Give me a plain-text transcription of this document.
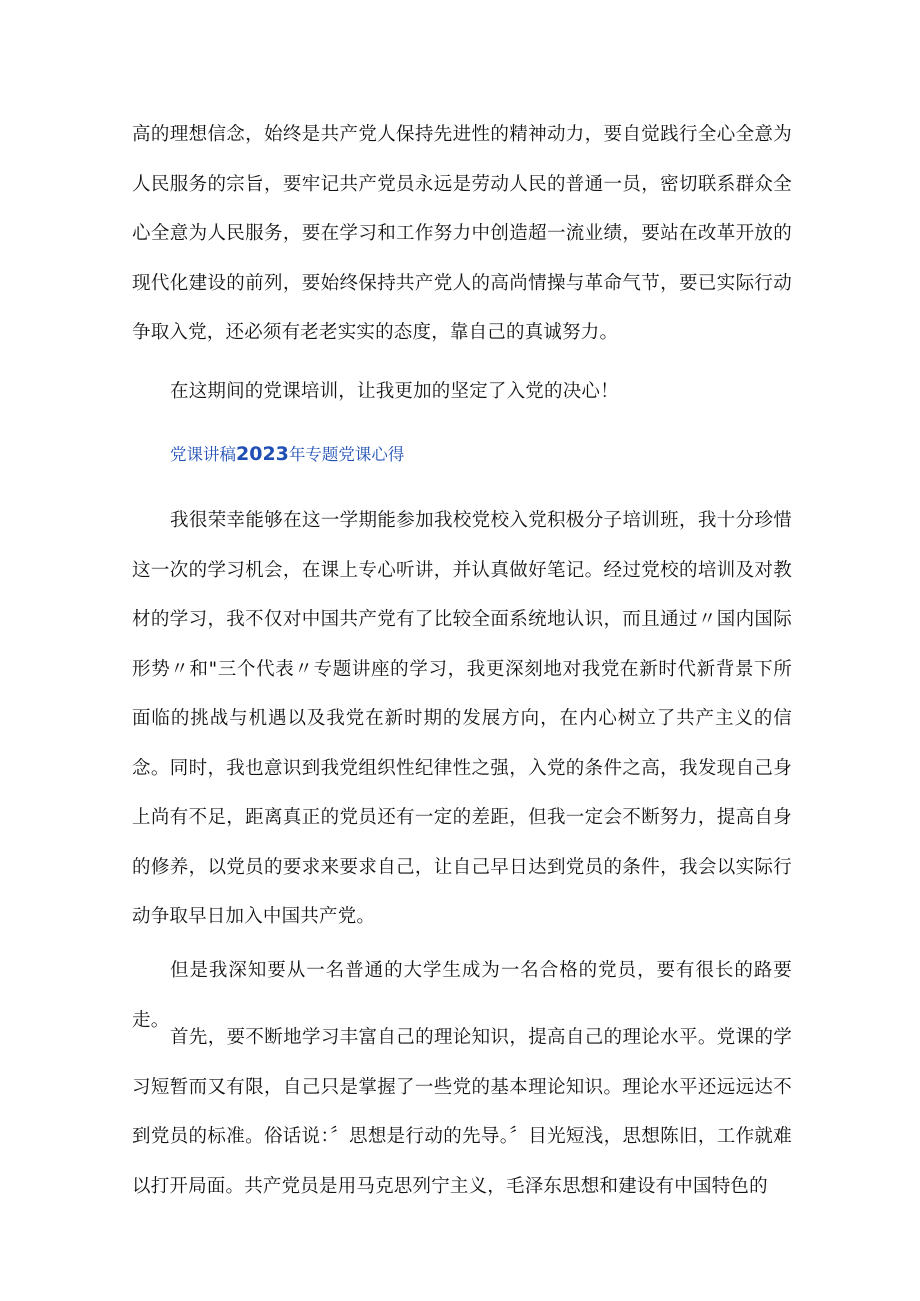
高的理想信念，始终是共产党人保持先进性的精神动力，要自觉践行全心全意为人民服务的宗旨，要牢记共产党员永远是劳动人民的普通一员，密切联系群众全心全意为人民服务，要在学习和工作努力中创造超一流业绩，要站在改革开放的现代化建设的前列，要始终保持共产党人的高尚情操与革命气节，要已实际行动争取入党，还必须有老老实实的态度，靠自己的真诚努力。

在这期间的党课培训，让我更加的坚定了入党的决心！

党课讲稿2023年专题党课心得

我很荣幸能够在这一学期能参加我校党校入党积极分子培训班，我十分珍惜这一次的学习机会，在课上专心听讲，并认真做好笔记。经过党校的培训及对教材的学习，我不仅对中国共产党有了比较全面系统地认识，而且通过〃国内国际形势〃和"三个代表〃专题讲座的学习，我更深刻地对我党在新时代新背景下所面临的挑战与机遇以及我党在新时期的发展方向，在内心树立了共产主义的信念。同时，我也意识到我党组织性纪律性之强，入党的条件之高，我发现自己身上尚有不足，距离真正的党员还有一定的差距，但我一定会不断努力，提高自身的修养，以党员的要求来要求自己，让自己早日达到党员的条件，我会以实际行动争取早日加入中国共产党。

但是我深知要从一名普通的大学生成为一名合格的党员，要有很长的路要走。

首先，要不断地学习丰富自己的理论知识，提高自己的理论水平。党课的学习短暂而又有限，自己只是掌握了一些党的基本理论知识。理论水平还远远达不到党员的标准。俗话说：〞思想是行动的先导。〞目光短浅，思想陈旧，工作就难以打开局面。共产党员是用马克思列宁主义，毛泽东思想和建设有中国特色的
